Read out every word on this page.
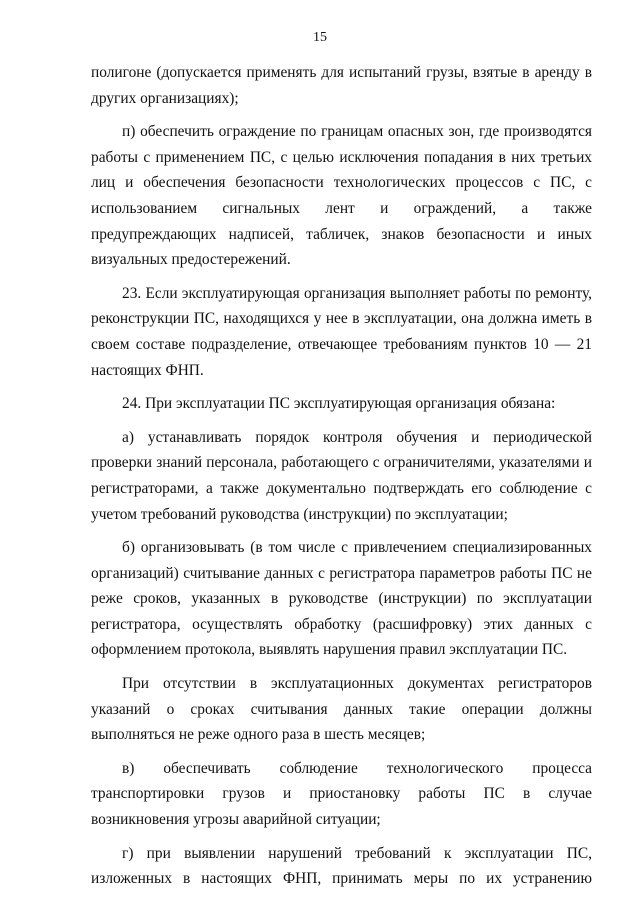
15

полигоне (допускается применять для испытаний грузы, взятые в аренду в других организациях);

п) обеспечить ограждение по границам опасных зон, где производятся работы с применением ПС, с целью исключения попадания в них третьих лиц и обеспечения безопасности технологических процессов с ПС, с использованием сигнальных лент и ограждений, а также предупреждающих надписей, табличек, знаков безопасности и иных визуальных предостережений.

23. Если эксплуатирующая организация выполняет работы по ремонту, реконструкции ПС, находящихся у нее в эксплуатации, она должна иметь в своем составе подразделение, отвечающее требованиям пунктов 10 — 21 настоящих ФНП.

24. При эксплуатации ПС эксплуатирующая организация обязана:

а) устанавливать порядок контроля обучения и периодической проверки знаний персонала, работающего с ограничителями, указателями и регистраторами, а также документально подтверждать его соблюдение с учетом требований руководства (инструкции) по эксплуатации;

б) организовывать (в том числе с привлечением специализированных организаций) считывание данных с регистратора параметров работы ПС не реже сроков, указанных в руководстве (инструкции) по эксплуатации регистратора, осуществлять обработку (расшифровку) этих данных с оформлением протокола, выявлять нарушения правил эксплуатации ПС.

При отсутствии в эксплуатационных документах регистраторов указаний о сроках считывания данных такие операции должны выполняться не реже одного раза в шесть месяцев;

в) обеспечивать соблюдение технологического процесса транспортировки грузов и приостановку работы ПС в случае возникновения угрозы аварийной ситуации;

г) при выявлении нарушений требований к эксплуатации ПС, изложенных в настоящих ФНП, принимать меры по их устранению
